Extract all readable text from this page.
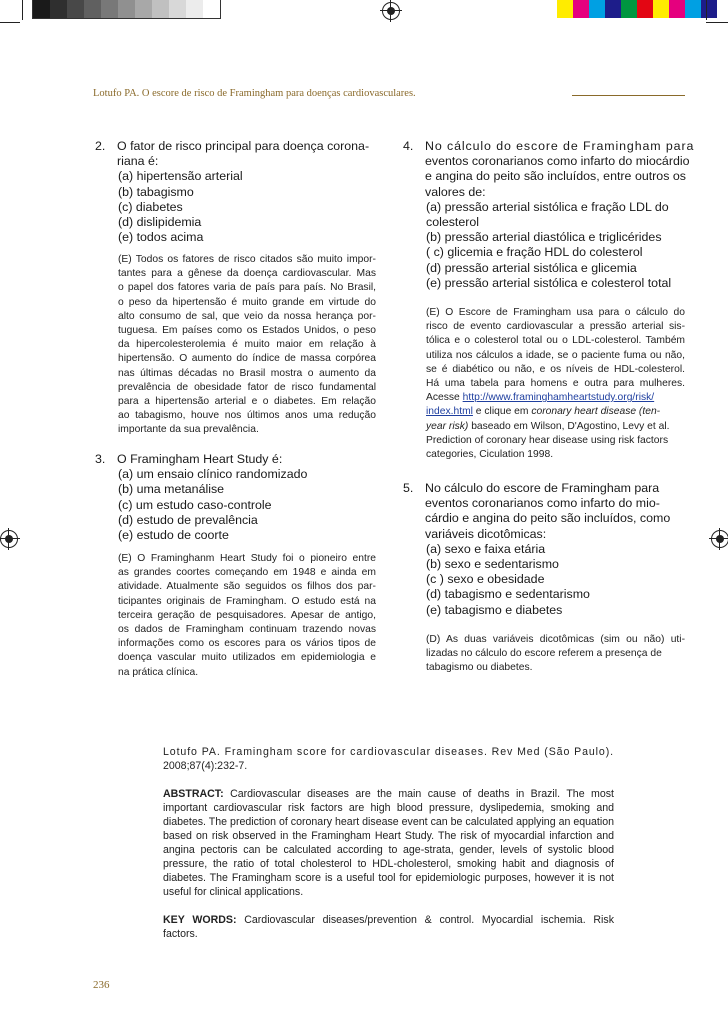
Lotufo PA. O escore de risco de Framingham para doenças cardiovasculares.
2. O fator de risco principal para doença corona-
riana é:
(a) hipertensão arterial
(b) tabagismo
(c) diabetes
(d) dislipidemia
(e) todos acima
(E) Todos os fatores de risco citados são muito impor-
tantes para a gênese da doença cardiovascular. Mas
o papel dos fatores varia de país para país. No Brasil,
o peso da hipertensão é muito grande em virtude do
alto consumo de sal, que veio da nossa herança por-
tuguesa. Em países como os Estados Unidos, o peso
da hipercolesterolemia é muito maior em relação à
hipertensão. O aumento do índice de massa corpórea
nas últimas décadas no Brasil mostra o aumento da
prevalência de obesidade fator de risco fundamental
para a hipertensão arterial e o diabetes. Em relação
ao tabagismo, houve nos últimos anos uma redução
importante da sua prevalência.
3. O Framingham Heart Study é:
(a) um ensaio clínico randomizado
(b) uma metanálise
(c) um estudo caso-controle
(d) estudo de prevalência
(e) estudo de coorte
(E) O Framinghanm Heart Study foi o pioneiro entre
as grandes coortes começando em 1948 e ainda em
atividade. Atualmente são seguidos os filhos dos par-
ticipantes originais de Framingham. O estudo está na
terceira geração de pesquisadores. Apesar de antigo,
os dados de Framingham continuam trazendo novas
informações como os escores para os vários tipos de
doença vascular muito utilizados em epidemiologia e
na prática clínica.
4. No cálculo do escore de Framingham para
eventos coronarianos como infarto do miocárdio
e angina do peito são incluídos, entre outros os
valores de:
(a) pressão arterial sistólica e fração LDL do
colesterol
(b) pressão arterial diastólica e triglicérides
( c) glicemia e fração HDL do colesterol
(d) pressão arterial sistólica e glicemia
(e) pressão arterial sistólica e colesterol total
(E) O Escore de Framingham usa para o cálculo do
risco de evento cardiovascular a pressão arterial sis-
tólica e o colesterol total ou o LDL-colesterol. Também
utiliza nos cálculos a idade, se o paciente fuma ou não,
se é diabético ou não, e os níveis de HDL-colesterol.
Há uma tabela para homens e outra para mulheres.
Acesse http://www.framinghamheartstudy.org/risk/
index.html e clique em coronary heart disease (ten-
year risk) baseado em Wilson, D'Agostino, Levy et al.
Prediction of coronary hear disease using risk factors
categories, Ciculation 1998.
5. No cálculo do escore de Framingham para
eventos coronarianos como infarto do mio-
cárdio e angina do peito são incluídos, como
variáveis dicotômicas:
(a) sexo e faixa etária
(b) sexo e sedentarismo
(c ) sexo e obesidade
(d) tabagismo e sedentarismo
(e) tabagismo e diabetes
(D) As duas variáveis dicotômicas (sim ou não) uti-
lizadas no cálculo do escore referem a presença de
tabagismo ou diabetes.
Lotufo PA. Framingham score for cardiovascular diseases. Rev Med (São Paulo).
2008;87(4):232-7.
ABSTRACT: Cardiovascular diseases are the main cause of deaths in Brazil. The most
important cardiovascular risk factors are high blood pressure, dyslipedemia, smoking and
diabetes. The prediction of coronary heart disease event can be calculated applying an equation
based on risk observed in the Framingham Heart Study. The risk of myocardial infarction and
angina pectoris can be calculated according to age-strata, gender, levels of systolic blood
pressure, the ratio of total cholesterol to HDL-cholesterol, smoking habit and diagnosis of
diabetes. The Framingham score is a useful tool for epidemiologic purposes, however it is not
useful for clinical applications.
KEY WORDS: Cardiovascular diseases/prevention & control. Myocardial ischemia. Risk
factors.
236
